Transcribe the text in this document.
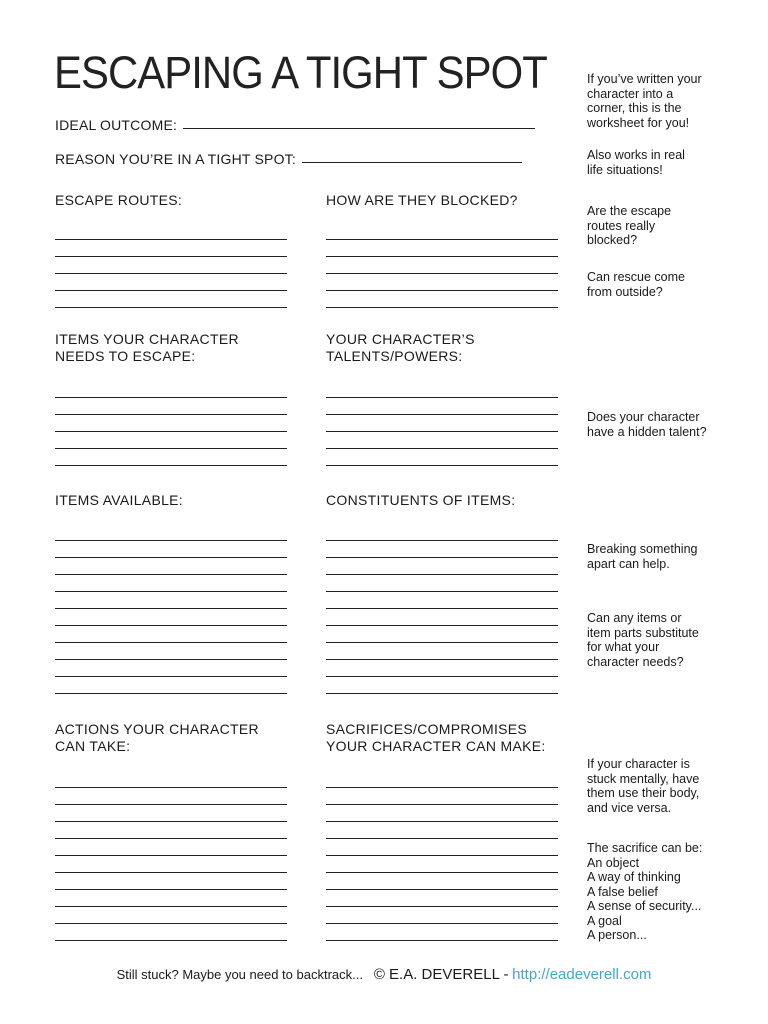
ESCAPING A TIGHT SPOT
IDEAL OUTCOME:
REASON YOU’RE IN A TIGHT SPOT:
ESCAPE ROUTES:	HOW ARE THEY BLOCKED?
ITEMS YOUR CHARACTER
NEEDS TO ESCAPE:
YOUR CHARACTER’S
TALENTS/POWERS:
ITEMS AVAILABLE:	CONSTITUENTS OF ITEMS:
ACTIONS YOUR CHARACTER
CAN TAKE:
SACRIFICES/COMPROMISES
YOUR CHARACTER CAN MAKE:
If you’ve written your
character into a
corner, this is the
worksheet for you!
Also works in real
life situations!
Are the escape
routes really
blocked?
Can rescue come
from outside?
Does your character
have a hidden talent?
Breaking something
apart can help.
Can any items or
item parts substitute
for what your
character needs?
If your character is
stuck mentally, have
them use their body,
and vice versa.
The sacrifice can be:
An object
A way of thinking
A false belief
A sense of security...
A goal
A person...
Still stuck? Maybe you need to backtrack... © E.A. DEVERELL - http://eadeverell.com
